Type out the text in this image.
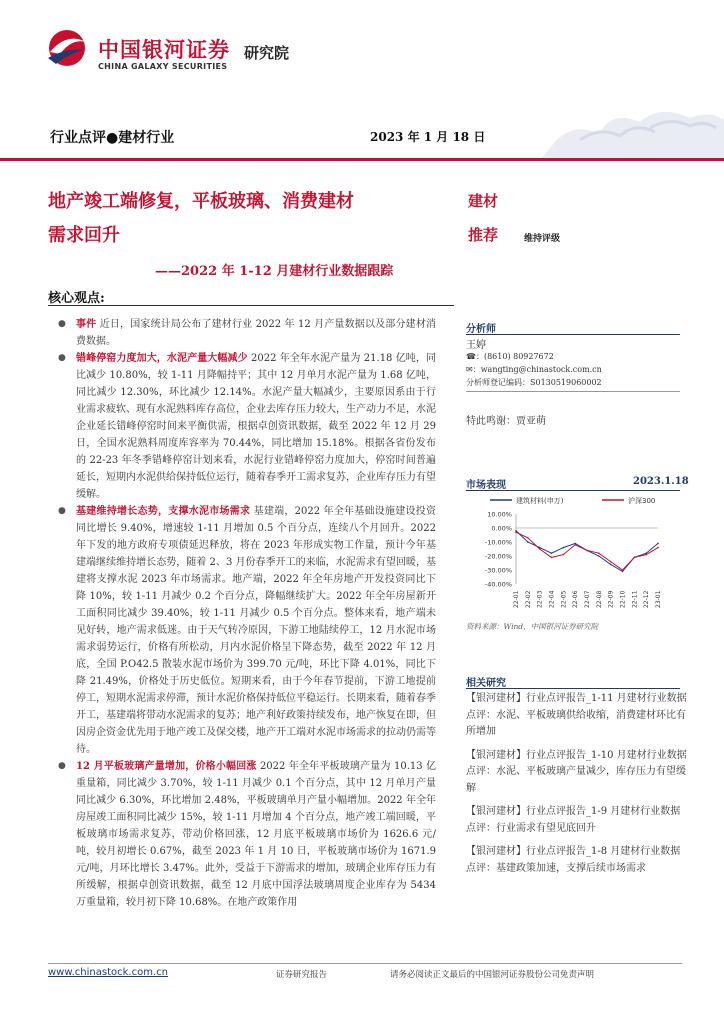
中国银河证券 研究院
CHINA GALAXY SECURITIES
行业点评●建材行业	2023 年 1 月 18 日
地产竣工端修复，平板玻璃、消费建材
需求回升
——2022 年 1-12 月建材行业数据跟踪
建材
推荐	维持评级
核心观点:

● 事件 近日，国家统计局公布了建材行业 2022 年 12 月产量数据以及部分建材消费数据。

● 错峰停窑力度加大，水泥产量大幅减少 2022 年全年水泥产量为 21.18 亿吨，同比减少 10.80%，较 1-11 月降幅持平；其中 12 月单月水泥产量为 1.68 亿吨，同比减少 12.30%，环比减少 12.14%。水泥产量大幅减少，主要原因系由于行业需求疲软、现有水泥熟料库存高位，企业去库存压力较大，生产动力不足，水泥企业延长错峰停窑时间来平衡供需，根据卓创资讯数据，截至 2022 年 12 月 29 日，全国水泥熟料周度库容率为 70.44%，同比增加 15.18%。根据各省份发布的 22-23 年冬季错峰停窑计划来看，水泥行业错峰停窑力度加大，停窑时间普遍延长，短期内水泥供给保持低位运行，随着春季开工需求复苏，企业库存压力有望缓解。

● 基建维持增长态势，支撑水泥市场需求 基建端，2022 年全年基础设施建设投资同比增长 9.40%，增速较 1-11 月增加 0.5 个百分点，连续八个月回升。2022 年下发的地方政府专项债延迟释放，将在 2023 年形成实物工作量，预计今年基建端继续维持增长态势，随着 2、3 月份春季开工的来临，水泥需求有望回暖，基建将支撑水泥 2023 年市场需求。地产端，2022 年全年房地产开发投资同比下降 10%，较 1-11 月减少 0.2 个百分点，降幅继续扩大。2022 年全年房屋新开工面积同比减少 39.40%，较 1-11 月减少 0.5 个百分点。整体来看，地产端未见好转，地产需求低迷。由于天气转冷原因，下游工地陆续停工，12 月水泥市场需求弱势运行，价格有所松动，月内水泥价格呈下降态势，截至 2022 年 12 月底，全国 P.O42.5 散装水泥市场价为 399.70 元/吨，环比下降 4.01%，同比下降 21.49%，价格处于历史低位。短期来看，由于今年春节提前，下游工地提前停工，短期水泥需求停滞，预计水泥价格保持低位平稳运行。长期来看，随着春季开工，基建端将带动水泥需求的复苏；地产利好政策持续发布，地产恢复在即，但因房企资金优先用于地产竣工及保交楼，地产开工端对水泥市场需求的拉动仍需等待。

● 12 月平板玻璃产量增加，价格小幅回涨 2022 年全年平板玻璃产量为 10.13 亿重量箱，同比减少 3.70%，较 1-11 月减少 0.1 个百分点，其中 12 月单月产量同比减少 6.30%，环比增加 2.48%，平板玻璃单月产量小幅增加。2022 年全年房屋竣工面积同比减少 15%，较 1-11 月增加 4 个百分点，地产竣工端回暖，平板玻璃市场需求复苏，带动价格回涨，12 月底平板玻璃市场价为 1626.6 元/吨，较月初增长 0.67%，截至 2023 年 1 月 10 日，平板玻璃市场价为 1671.9 元/吨，月环比增长 3.47%。此外，受益于下游需求的增加，玻璃企业库存压力有所缓解，根据卓创资讯数据，截至 12 月底中国浮法玻璃周度企业库存为 5434 万重量箱，较月初下降 10.68%。在地产政策作用

分析师
王婷
☎：(8610) 80927672
✉：wangting@chinastock.com.cn
分析师登记编码：S0130519060002
特此鸣谢：贾亚萌
市场表现	2023.1.18
建筑材料(申万)	沪深300
10.00%
0.00%
-10.00%
-20.00%
-30.00%
-40.00%
22-01 22-02 22-03 22-04 22-05 22-06 22-07 22-08 22-09 22-10 22-11 22-12 23-01
资料来源：Wind，中国银河证券研究院
相关研究

【银河建材】行业点评报告_1-11 月建材行业数据点评：水泥、平板玻璃供给收缩，消费建材环比有所增加

【银河建材】行业点评报告_1-10 月建材行业数据点评：水泥、平板玻璃产量减少，库存压力有望缓解

【银河建材】行业点评报告_1-9 月建材行业数据点评：行业需求有望见底回升

【银河建材】行业点评报告_1-8 月建材行业数据点评：基建政策加速，支撑后续市场需求

www.chinastock.com.cn	证券研究报告	请务必阅读正文最后的中国银河证券股份公司免责声明
